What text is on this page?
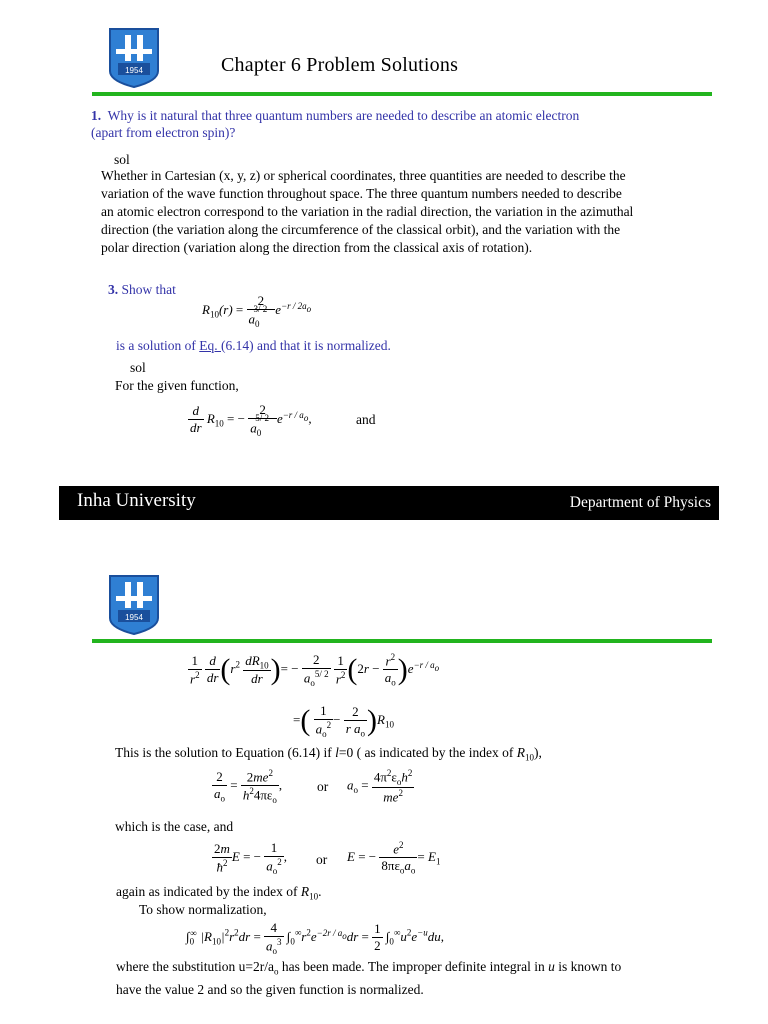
1954	Chapter 6 Problem Solutions
1. Why is it natural that three quantum numbers are needed to describe an atomic electron
(apart from electron spin)?
sol
Whether in Cartesian (x, y, z) or spherical coordinates, three quantities are needed to describe the
variation of the wave function throughout space. The three quantum numbers needed to describe
an atomic electron correspond to the variation in the radial direction, the variation in the azimuthal
direction (the variation along the circumference of the classical orbit), and the variation with the
polar direction (variation along the direction from the classical axis of rotation).
3. Show that
$R_{10}(r) = \frac{2}{a_0^{3/ 2}} e^{-r / 2a_o}$
is a solution of Eq. (6.14) and that it is normalized.
sol
For the given function,
$\frac{d}{dr} R_{10}$ = − $\frac{2}{a_0^{5/ 2}} e^{-r / a_o}$,	and
Inha University	Department of Physics
1954
$\frac{1}{r^2}$
$\frac{d}{dr} (r^2 \frac{dR_{10}}{dr}$ )= − $\frac{2}{a_o^{5/ 2}}$
$\frac{1}{r^2} (2r - \frac{r^2}{a_o} )e^{-r / a_o}$
=( $\frac{1}{a_o^2} - \frac{2}{r a_o} )R_{10}$
This is the solution to Equation (6.14) if l=0 ( as indicated by the index of $R_{10}$),
$\frac{2}{a_o} = \frac{2me^2}{h^24\pi\varepsilon_o}$ ,	or $a_o = \frac{4\pi^2\varepsilon_oh^2}{me^2}$
which is the case, and
$\frac{2m}{ħ^2}$ E = − $\frac{1}{a_o^2}$ , or E = − $\frac{e^2}{8\pi\varepsilon_oa_o} = E_1$
again as indicated by the index of $R_{10}$.
To show normalization,
$\int_0^\infty$ $|R_{10}|^2r^2dr = \frac{4}{a_o^3} \int_0^\infty r^2e^{-2r / a_o}dr = \frac{1}{2} \int_0^\infty u^2e^{-u}du$,
where the substitution $u=2r/a_o$ has been made. The improper definite integral in u is known to
have the value 2 and so the given function is normalized.
